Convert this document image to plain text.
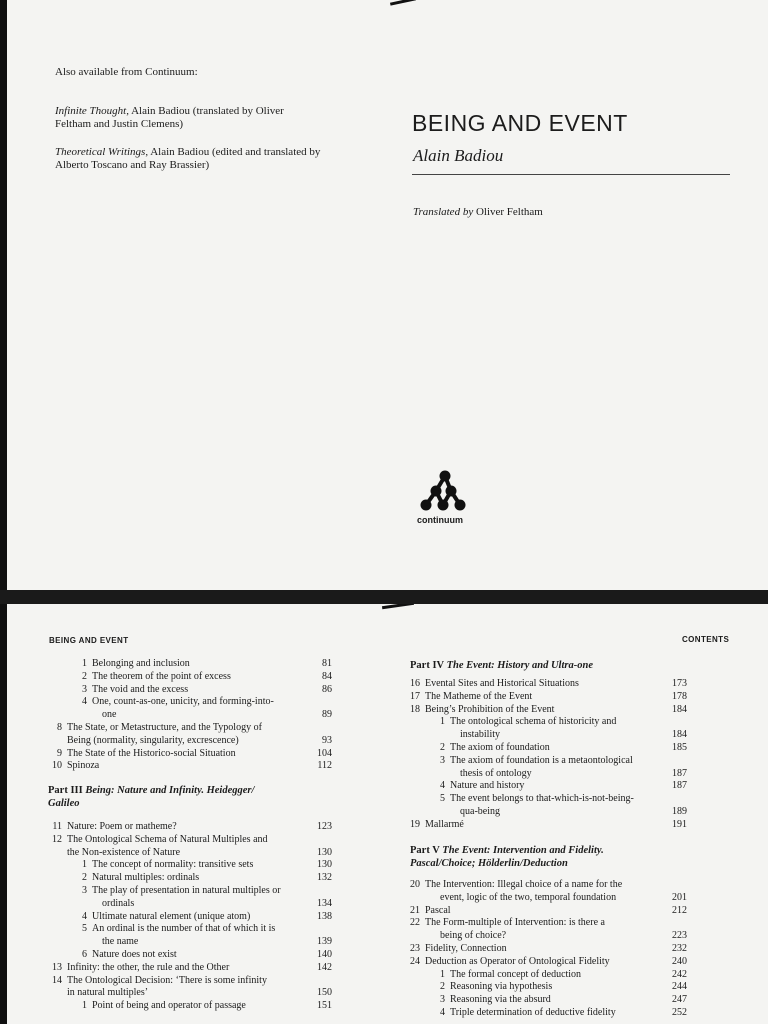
Also available from Continuum:
Infinite Thought, Alain Badiou (translated by Oliver
Feltham and Justin Clemens)
Theoretical Writings, Alain Badiou (edited and translated by
Alberto Toscano and Ray Brassier)
BEING AND EVENT
Alain Badiou
Translated by Oliver Feltham
continuum
BEING AND EVENT	CONTENTS
1 Belonging and inclusion	81
2 The theorem of the point of excess	84
3 The void and the excess	86
4 One, count-as-one, unicity, and forming-into-
one	89
8 The State, or Metastructure, and the Typology of
Being (normality, singularity, excrescence)	93
9 The State of the Historico-social Situation	104
10 Spinoza	112
Part III Being: Nature and Infinity. Heidegger/
Galileo
11 Nature: Poem or matheme?	123
12 The Ontological Schema of Natural Multiples and
the Non-existence of Nature	130
1 The concept of normality: transitive sets	130
2 Natural multiples: ordinals	132
3 The play of presentation in natural multiples or
ordinals	134
4 Ultimate natural element (unique atom)	138
5 An ordinal is the number of that of which it is
the name	139
6 Nature does not exist	140
13 Infinity: the other, the rule and the Other	142
14 The Ontological Decision: ‘There is some infinity
in natural multiples’	150
1 Point of being and operator of passage	151
Part IV The Event: History and Ultra-one
16 Evental Sites and Historical Situations	173
17 The Matheme of the Event	178
18 Being’s Prohibition of the Event	184
1 The ontological schema of historicity and
instability	184
2 The axiom of foundation	185
3 The axiom of foundation is a metaontological
thesis of ontology	187
4 Nature and history	187
5 The event belongs to that-which-is-not-being-
qua-being	189
19 Mallarmé	191
Part V The Event: Intervention and Fidelity.
Pascal/Choice; Hölderlin/Deduction
20 The Intervention: Illegal choice of a name for the
event, logic of the two, temporal foundation	201
21 Pascal	212
22 The Form-multiple of Intervention: is there a
being of choice?	223
23 Fidelity, Connection	232
24 Deduction as Operator of Ontological Fidelity	240
1 The formal concept of deduction	242
2 Reasoning via hypothesis	244
3 Reasoning via the absurd	247
4 Triple determination of deductive fidelity	252
